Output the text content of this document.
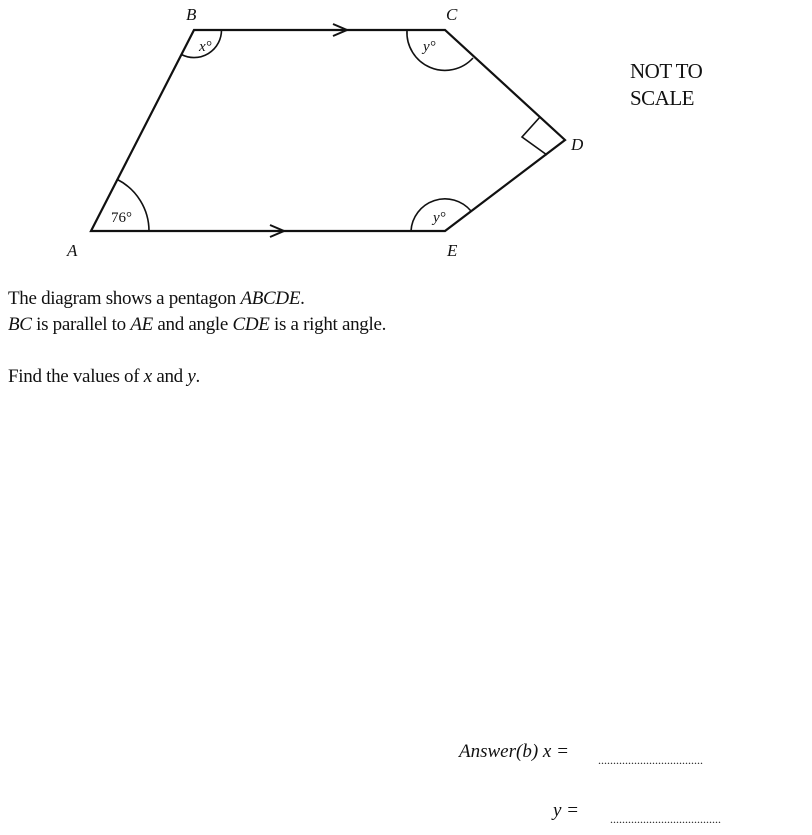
B	C
D
A	E
x°	y°
76°	y°
NOT TO
SCALE
The diagram shows a pentagon ABCDE.
BC is parallel to AE and angle CDE is a right angle.
Find the values of x and y.
Answer(b) x = ...................................
y =	.....................................
